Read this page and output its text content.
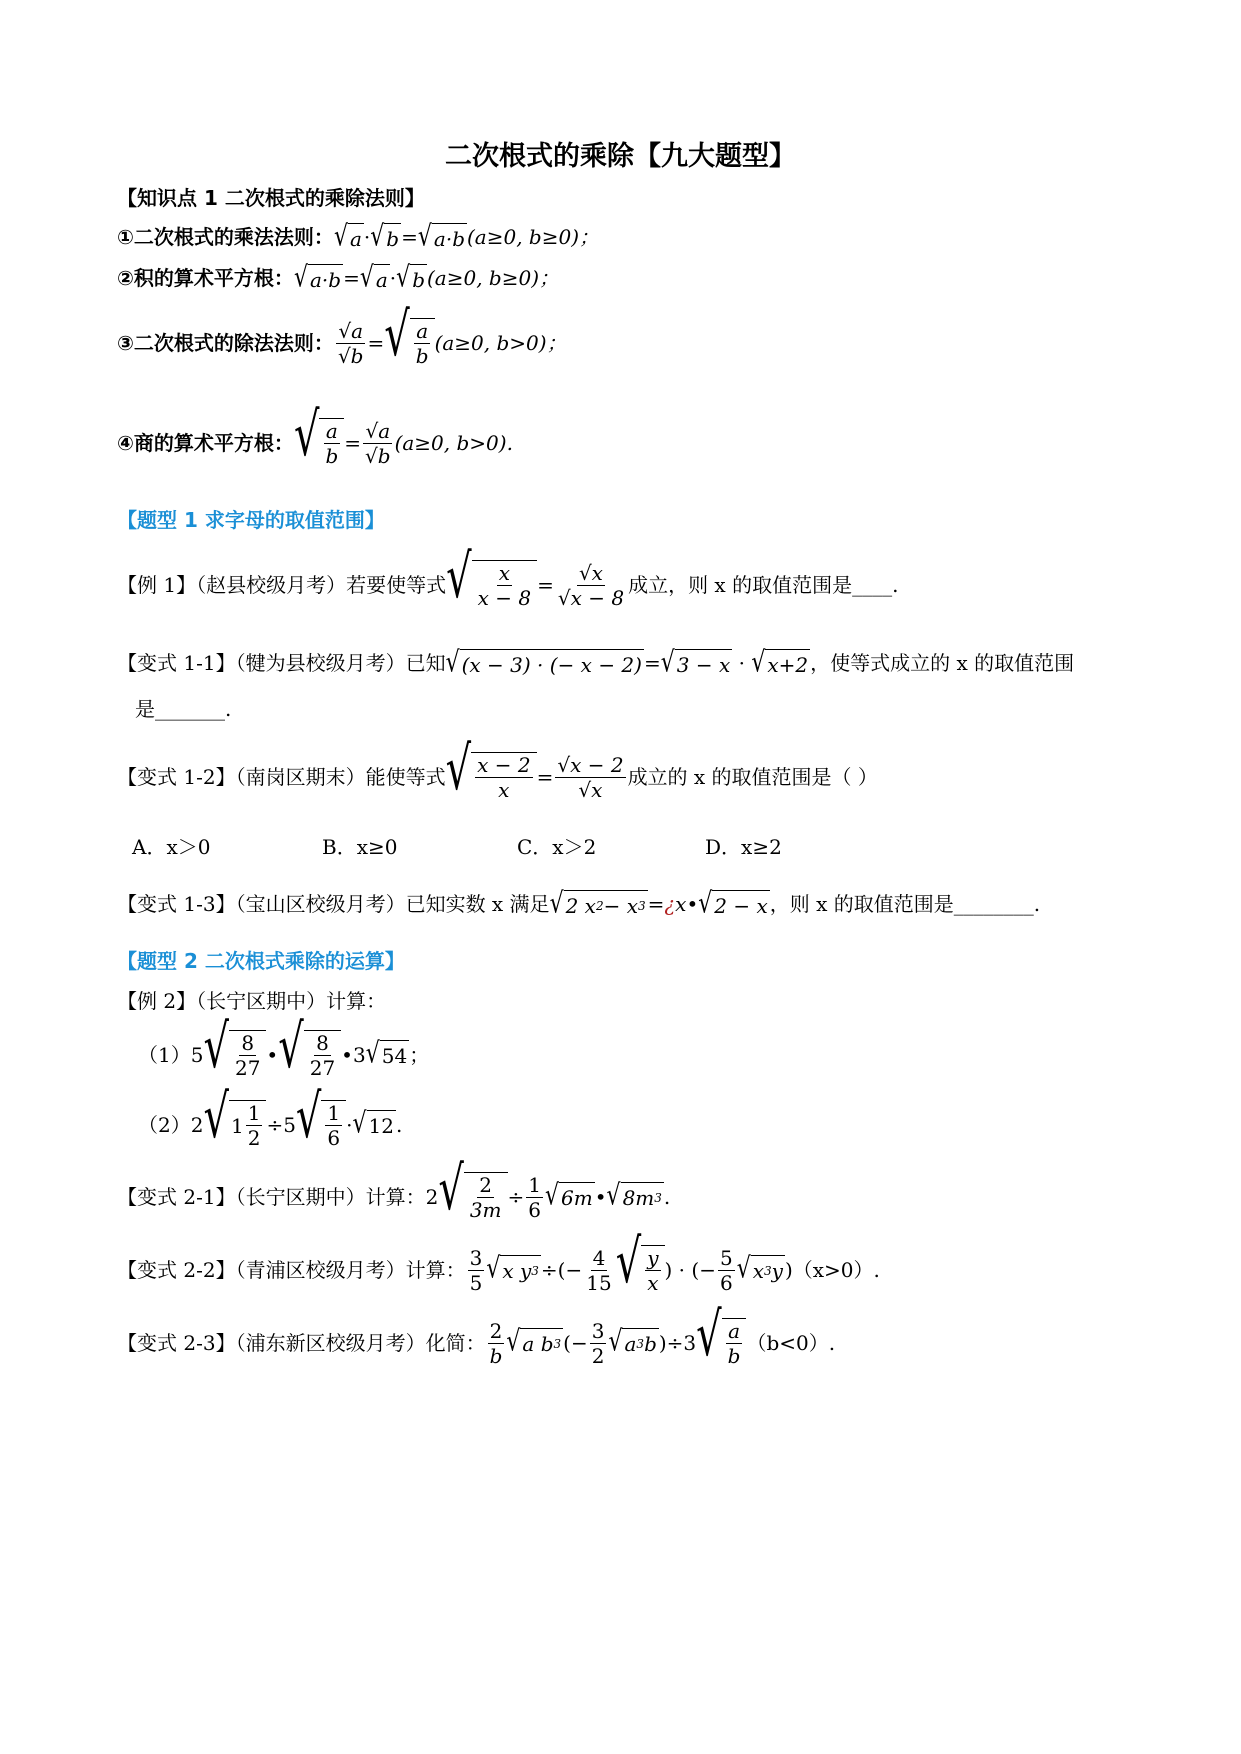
二次根式的乘除【九大题型】
【知识点 1 二次根式的乘除法则】
①二次根式的乘法法则： √ a · √ b = √ a·b (a≥0, b≥0)；
②积的算术平方根： √ a·b = √ a · √ b (a≥0, b≥0)；
③二次根式的除法法则： $\frac{√a}{√b}$ = √ $\frac{a}{b} (a\ge 0$, b>0)；
④商的算术平方根： √ $\frac{a}{b} = \frac{√a}{√b} (a\ge 0$, b>0).
【题型 1 求字母的取值范围】
【例 1】（赵县校级月考）若要使等式 √ $\frac{x}{x - 8} = \frac{√x}{√x - 8}$ 成立，则 x 的取值范围是____.
【变式 1-1】（犍为县校级月考）已知 √ (x − 3) · (− x − 2) = √ 3 − x · √ x+2 ，使等式成立的 x 的取值范围
是_______.
【变式 1-2】（南岗区期末）能使等式 √ $\frac{x - 2}{x} = \frac{√x - 2}{√x}$ 成立的 x 的取值范围是（ ）
A．x＞0	B．x≥0	C．x＞2	D．x≥2
【变式 1-3】（宝山区校级月考）已知实数 x 满足 √ 2 x 2 − x 3 =¿x• √ 2 − x ，则 x 的取值范围是________.
【题型 2 二次根式乘除的运算】
【例 2】（长宁区期中）计算：
（1）5 √ $\frac{8}{27}$ • √ $\frac{8}{27}$ •3 √ 54 ；
（2）2 √ $1 \frac{1}{2} \div 5$ √ $\frac{1}{6}$ · √ 12 .
【变式 2-1】（长宁区期中）计算：2 √ $\frac{2}{3m} \div \frac{1}{6}$ √ 6m • √ 8m 3 .
【变式 2-2】（青浦区校级月考）计算： $\frac{3}{5}$ √ x y 3 ÷(− $\frac{4}{15}$ √ $\frac{y}{x}$ ) · (− $\frac{5}{6}$ √ x 3 y )（x>0）.
【变式 2-3】（浦东新区校级月考）化简： $\frac{2}{b}$ √ a b 3 (− $\frac{3}{2}$ √ a 3 b )÷3 √ $\frac{a}{b} (b<0)$.
